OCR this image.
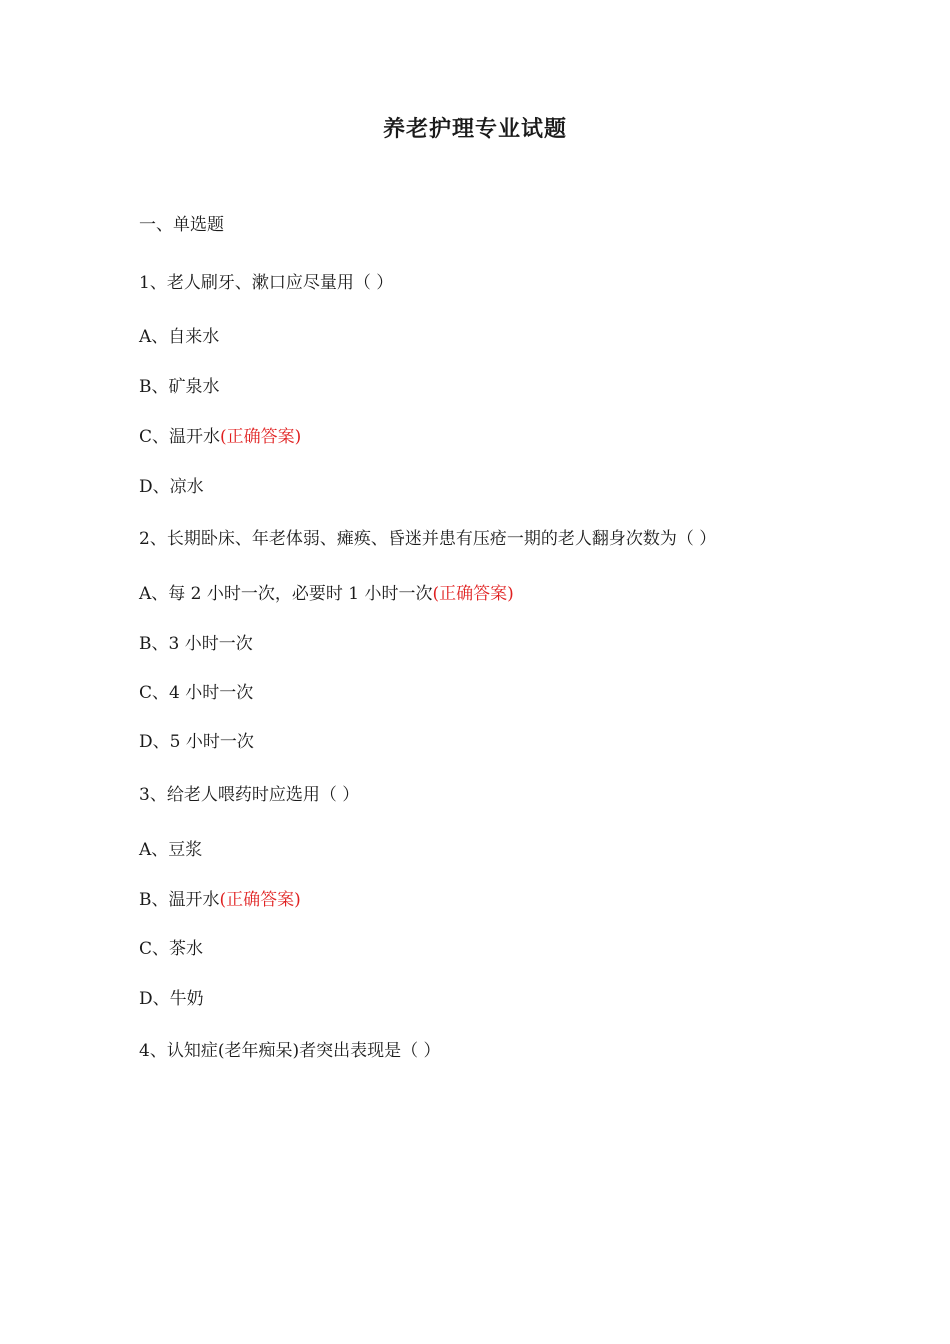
养老护理专业试题
一、单选题
1、老人刷牙、漱口应尽量用（ ）
A、自来水
B、矿泉水
C、温开水(正确答案)
D、凉水
2、长期卧床、年老体弱、瘫痪、昏迷并患有压疮一期的老人翻身次数为（ ）
A、每 2 小时一次，必要时 1 小时一次(正确答案)
B、3 小时一次
C、4 小时一次
D、5 小时一次
3、给老人喂药时应选用（ ）
A、豆浆
B、温开水(正确答案)
C、茶水
D、牛奶
4、认知症(老年痴呆)者突出表现是（ ）
